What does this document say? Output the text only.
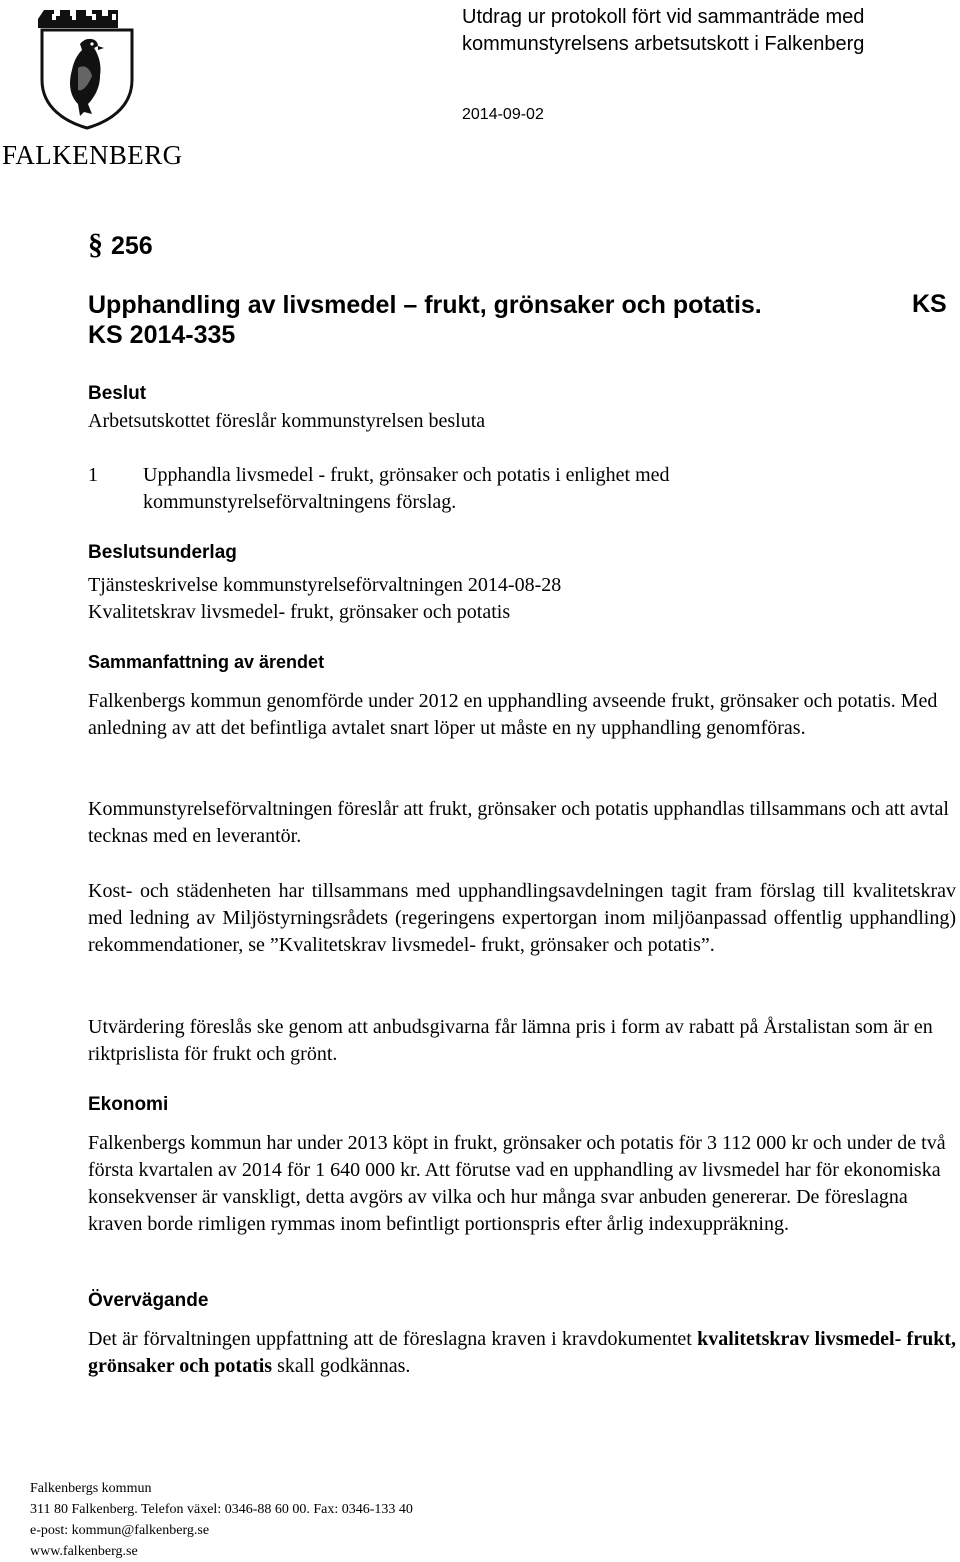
FALKENBERG
Utdrag ur protokoll fört vid sammanträde med
kommunstyrelsens arbetsutskott i Falkenberg
2014-09-02
§ 256
Upphandling av livsmedel – frukt, grönsaker och potatis.
KS 2014-335
KS
Beslut
Arbetsutskottet föreslår kommunstyrelsen besluta
1	Upphandla livsmedel - frukt, grönsaker och potatis i enlighet med kommunstyrelseförvaltningens förslag.
Beslutsunderlag
Tjänsteskrivelse kommunstyrelseförvaltningen 2014-08-28
Kvalitetskrav livsmedel- frukt, grönsaker och potatis
Sammanfattning av ärendet
Falkenbergs kommun genomförde under 2012 en upphandling avseende frukt, grönsaker och potatis. Med anledning av att det befintliga avtalet snart löper ut måste en ny upphandling genomföras.
Kommunstyrelseförvaltningen föreslår att frukt, grönsaker och potatis upphandlas tillsammans och att avtal tecknas med en leverantör.
Kost- och städenheten har tillsammans med upphandlingsavdelningen tagit fram förslag till kvalitetskrav med ledning av Miljöstyrningsrådets (regeringens expertorgan inom miljöanpassad offentlig upphandling) rekommendationer, se ”Kvalitetskrav livsmedel- frukt, grönsaker och potatis”.
Utvärdering föreslås ske genom att anbudsgivarna får lämna pris i form av rabatt på Årstalistan som är en riktprislista för frukt och grönt.
Ekonomi
Falkenbergs kommun har under 2013 köpt in frukt, grönsaker och potatis för 3 112 000 kr och under de två första kvartalen av 2014 för 1 640 000 kr. Att förutse vad en upphandling av livsmedel har för ekonomiska konsekvenser är vanskligt, detta avgörs av vilka och hur många svar anbuden genererar. De föreslagna kraven borde rimligen rymmas inom befintligt portionspris efter årlig indexuppräkning.
Övervägande
Det är förvaltningen uppfattning att de föreslagna kraven i kravdokumentet kvalitetskrav livsmedel- frukt, grönsaker och potatis skall godkännas.
Falkenbergs kommun
311 80 Falkenberg. Telefon växel: 0346-88 60 00. Fax: 0346-133 40
e-post: kommun@falkenberg.se
www.falkenberg.se
